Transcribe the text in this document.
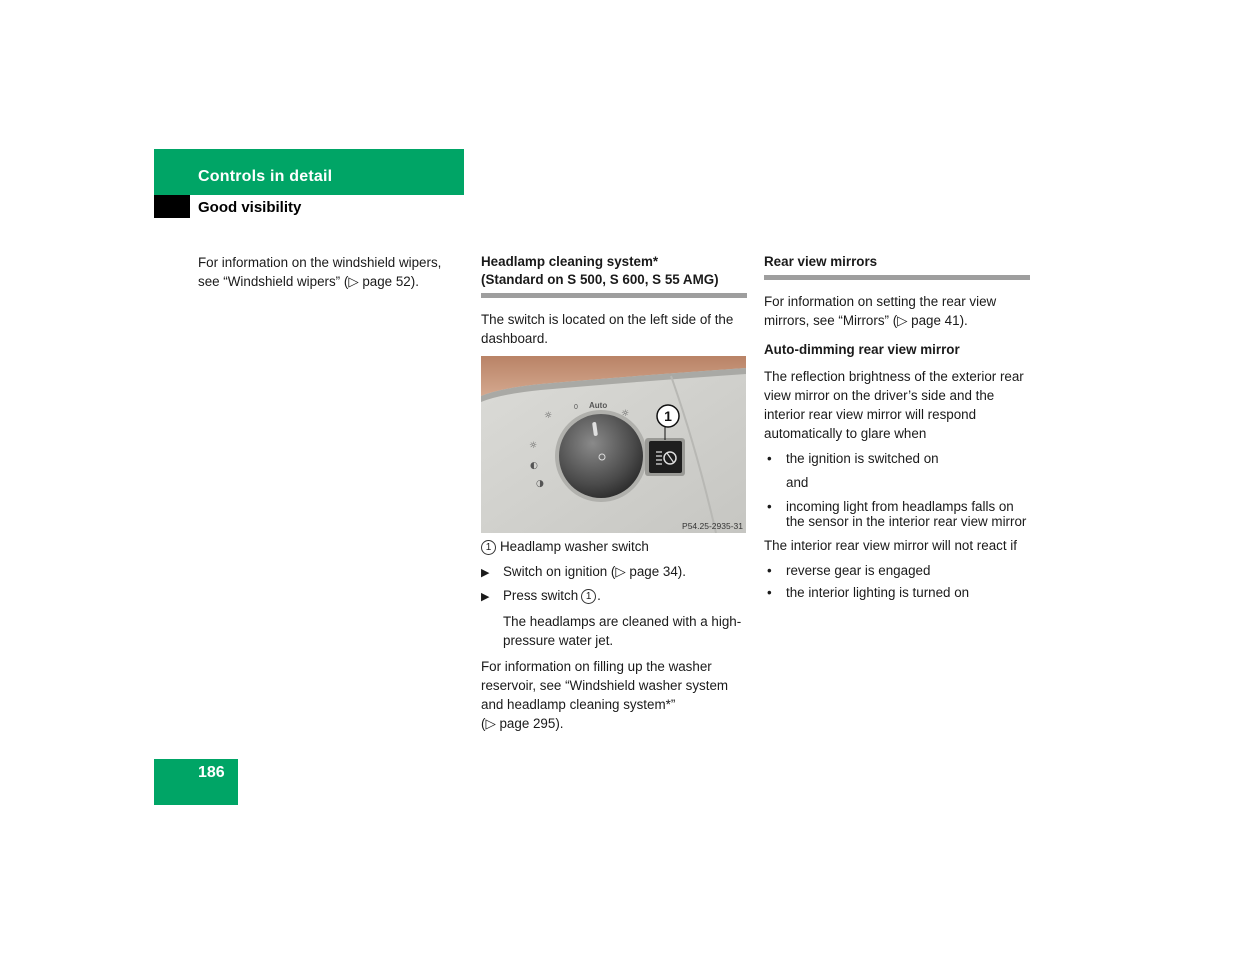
Controls in detail
Good visibility

For information on the windshield wipers, see “Windshield wipers” (▷ page 52).

Headlamp cleaning system*
(Standard on S 500, S 600, S 55 AMG)

The switch is located on the left side of the dashboard.

Auto
0
☼
☼
◐
◑
☼	1
P54.25-2935-31

1 Headlamp washer switch

▶ Switch on ignition (▷ page 34).
▶ Press switch 1 .

The headlamps are cleaned with a high-pressure water jet.

For information on filling up the washer reservoir, see “Windshield washer system and headlamp cleaning system*”
(▷ page 295).

Rear view mirrors

For information on setting the rear view mirrors, see “Mirrors” (▷ page 41).

Auto-dimming rear view mirror

The reflection brightness of the exterior rear view mirror on the driver’s side and the interior rear view mirror will respond automatically to glare when

• the ignition is switched on

and

• incoming light from headlamps falls on the sensor in the interior rear view mirror

The interior rear view mirror will not react if

• reverse gear is engaged
• the interior lighting is turned on
186
